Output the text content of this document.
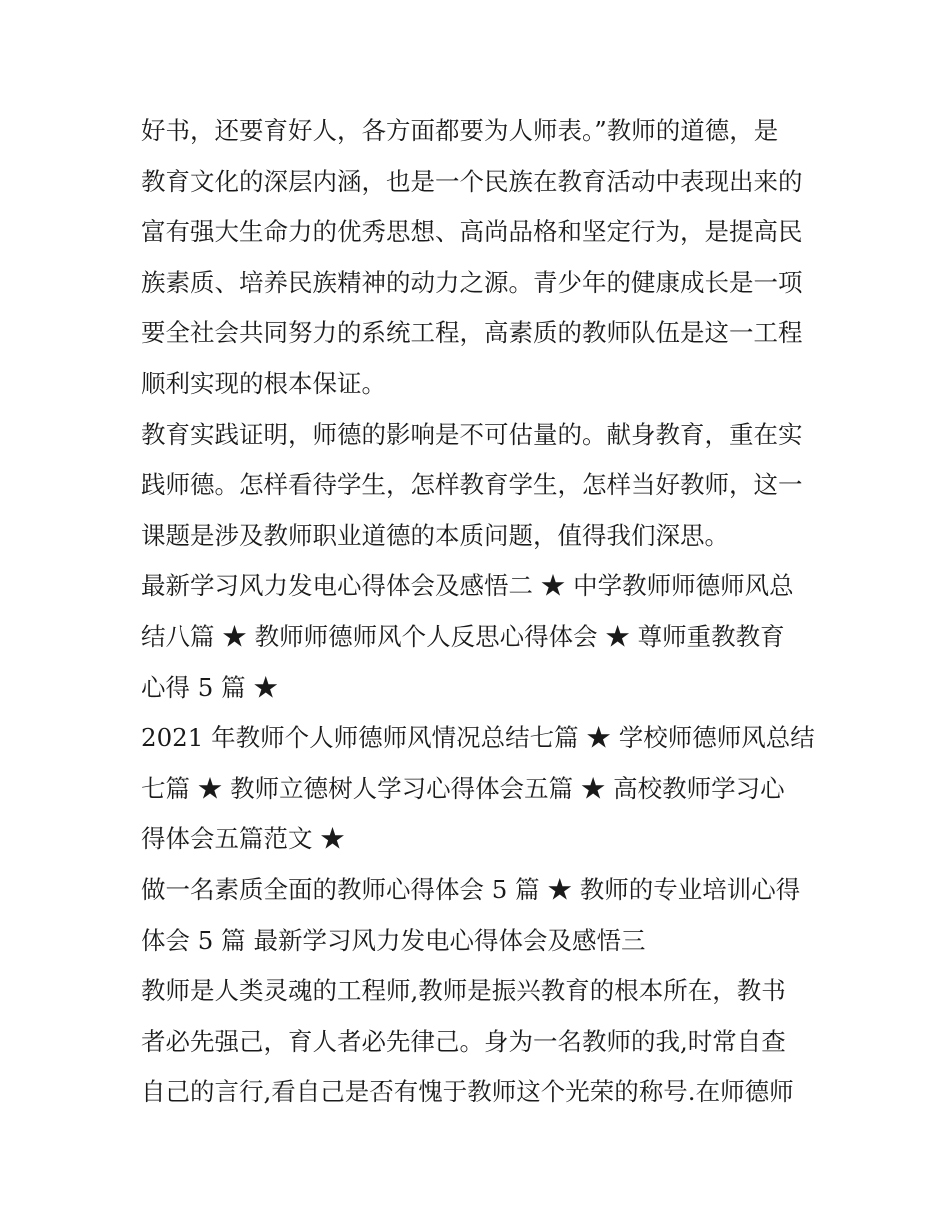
好书，还要育好人，各方面都要为人师表。”教师的道德，是
教育文化的深层内涵，也是一个民族在教育活动中表现出来的
富有强大生命力的优秀思想、高尚品格和坚定行为，是提高民
族素质、培养民族精神的动力之源。青少年的健康成长是一项
要全社会共同努力的系统工程，高素质的教师队伍是这一工程
顺利实现的根本保证。
教育实践证明，师德的影响是不可估量的。献身教育，重在实
践师德。怎样看待学生，怎样教育学生，怎样当好教师，这一
课题是涉及教师职业道德的本质问题，值得我们深思。
最新学习风力发电心得体会及感悟二 ★ 中学教师师德师风总
结八篇 ★ 教师师德师风个人反思心得体会 ★ 尊师重教教育
心得 5 篇 ★
2021 年教师个人师德师风情况总结七篇 ★ 学校师德师风总结
七篇 ★ 教师立德树人学习心得体会五篇 ★ 高校教师学习心
得体会五篇范文 ★
做一名素质全面的教师心得体会 5 篇 ★ 教师的专业培训心得
体会 5 篇 最新学习风力发电心得体会及感悟三
教师是人类灵魂的工程师,教师是振兴教育的根本所在，教书
者必先强己，育人者必先律己。身为一名教师的我,时常自查
自己的言行,看自己是否有愧于教师这个光荣的称号.在师德师
